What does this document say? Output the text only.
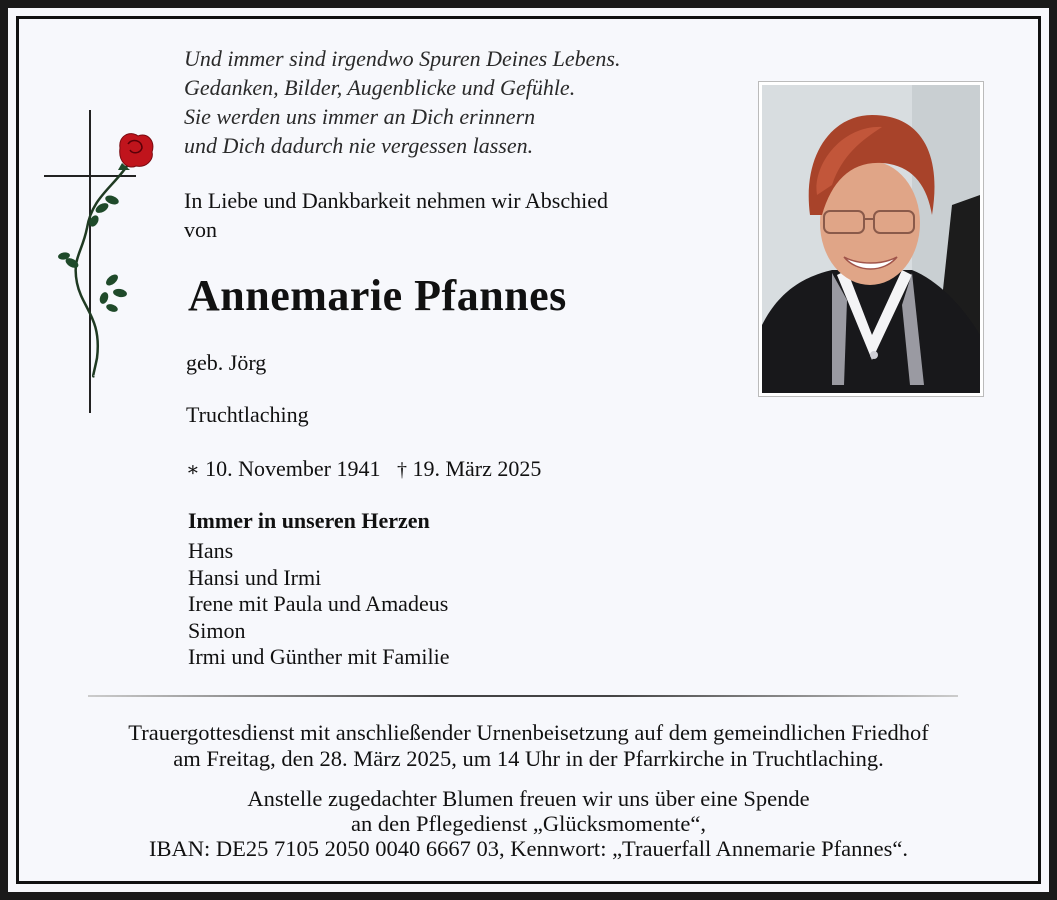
Und immer sind irgendwo Spuren Deines Lebens.
Gedanken, Bilder, Augenblicke und Gefühle.
Sie werden uns immer an Dich erinnern
und Dich dadurch nie vergessen lassen.
In Liebe und Dankbarkeit nehmen wir Abschied
von
Annemarie Pfannes
geb. Jörg
Truchtlaching
∗ 10. November 1941 † 19. März 2025
Immer in unseren Herzen
Hans
Hansi und Irmi
Irene mit Paula und Amadeus
Simon
Irmi und Günther mit Familie
Trauergottesdienst mit anschließender Urnenbeisetzung auf dem gemeindlichen Friedhof
am Freitag, den 28. März 2025, um 14 Uhr in der Pfarrkirche in Truchtlaching.
Anstelle zugedachter Blumen freuen wir uns über eine Spende
an den Pflegedienst „Glücksmomente“,
IBAN: DE25 7105 2050 0040 6667 03, Kennwort: „Trauerfall Annemarie Pfannes“.
